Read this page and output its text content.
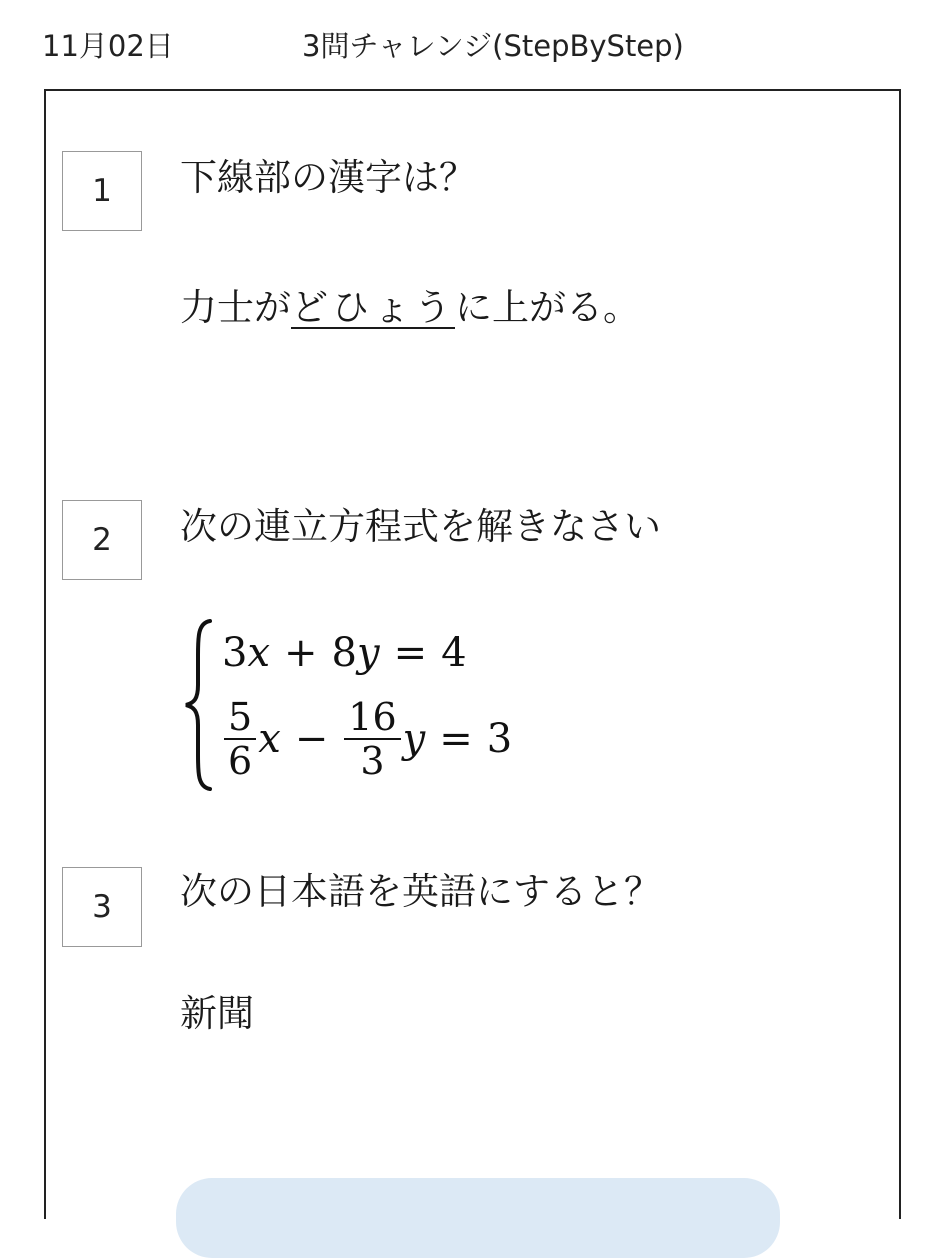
11月02日	3問チャレンジ(StepByStep)
1 下線部の漢字は？
力士がどひょうに上がる。
2 次の連立方程式を解きなさい
3x + 8y = 4
$\frac{5}{6}$ $x - \frac{16}{3}$ y = 3
3 次の日本語を英語にすると？
新聞
